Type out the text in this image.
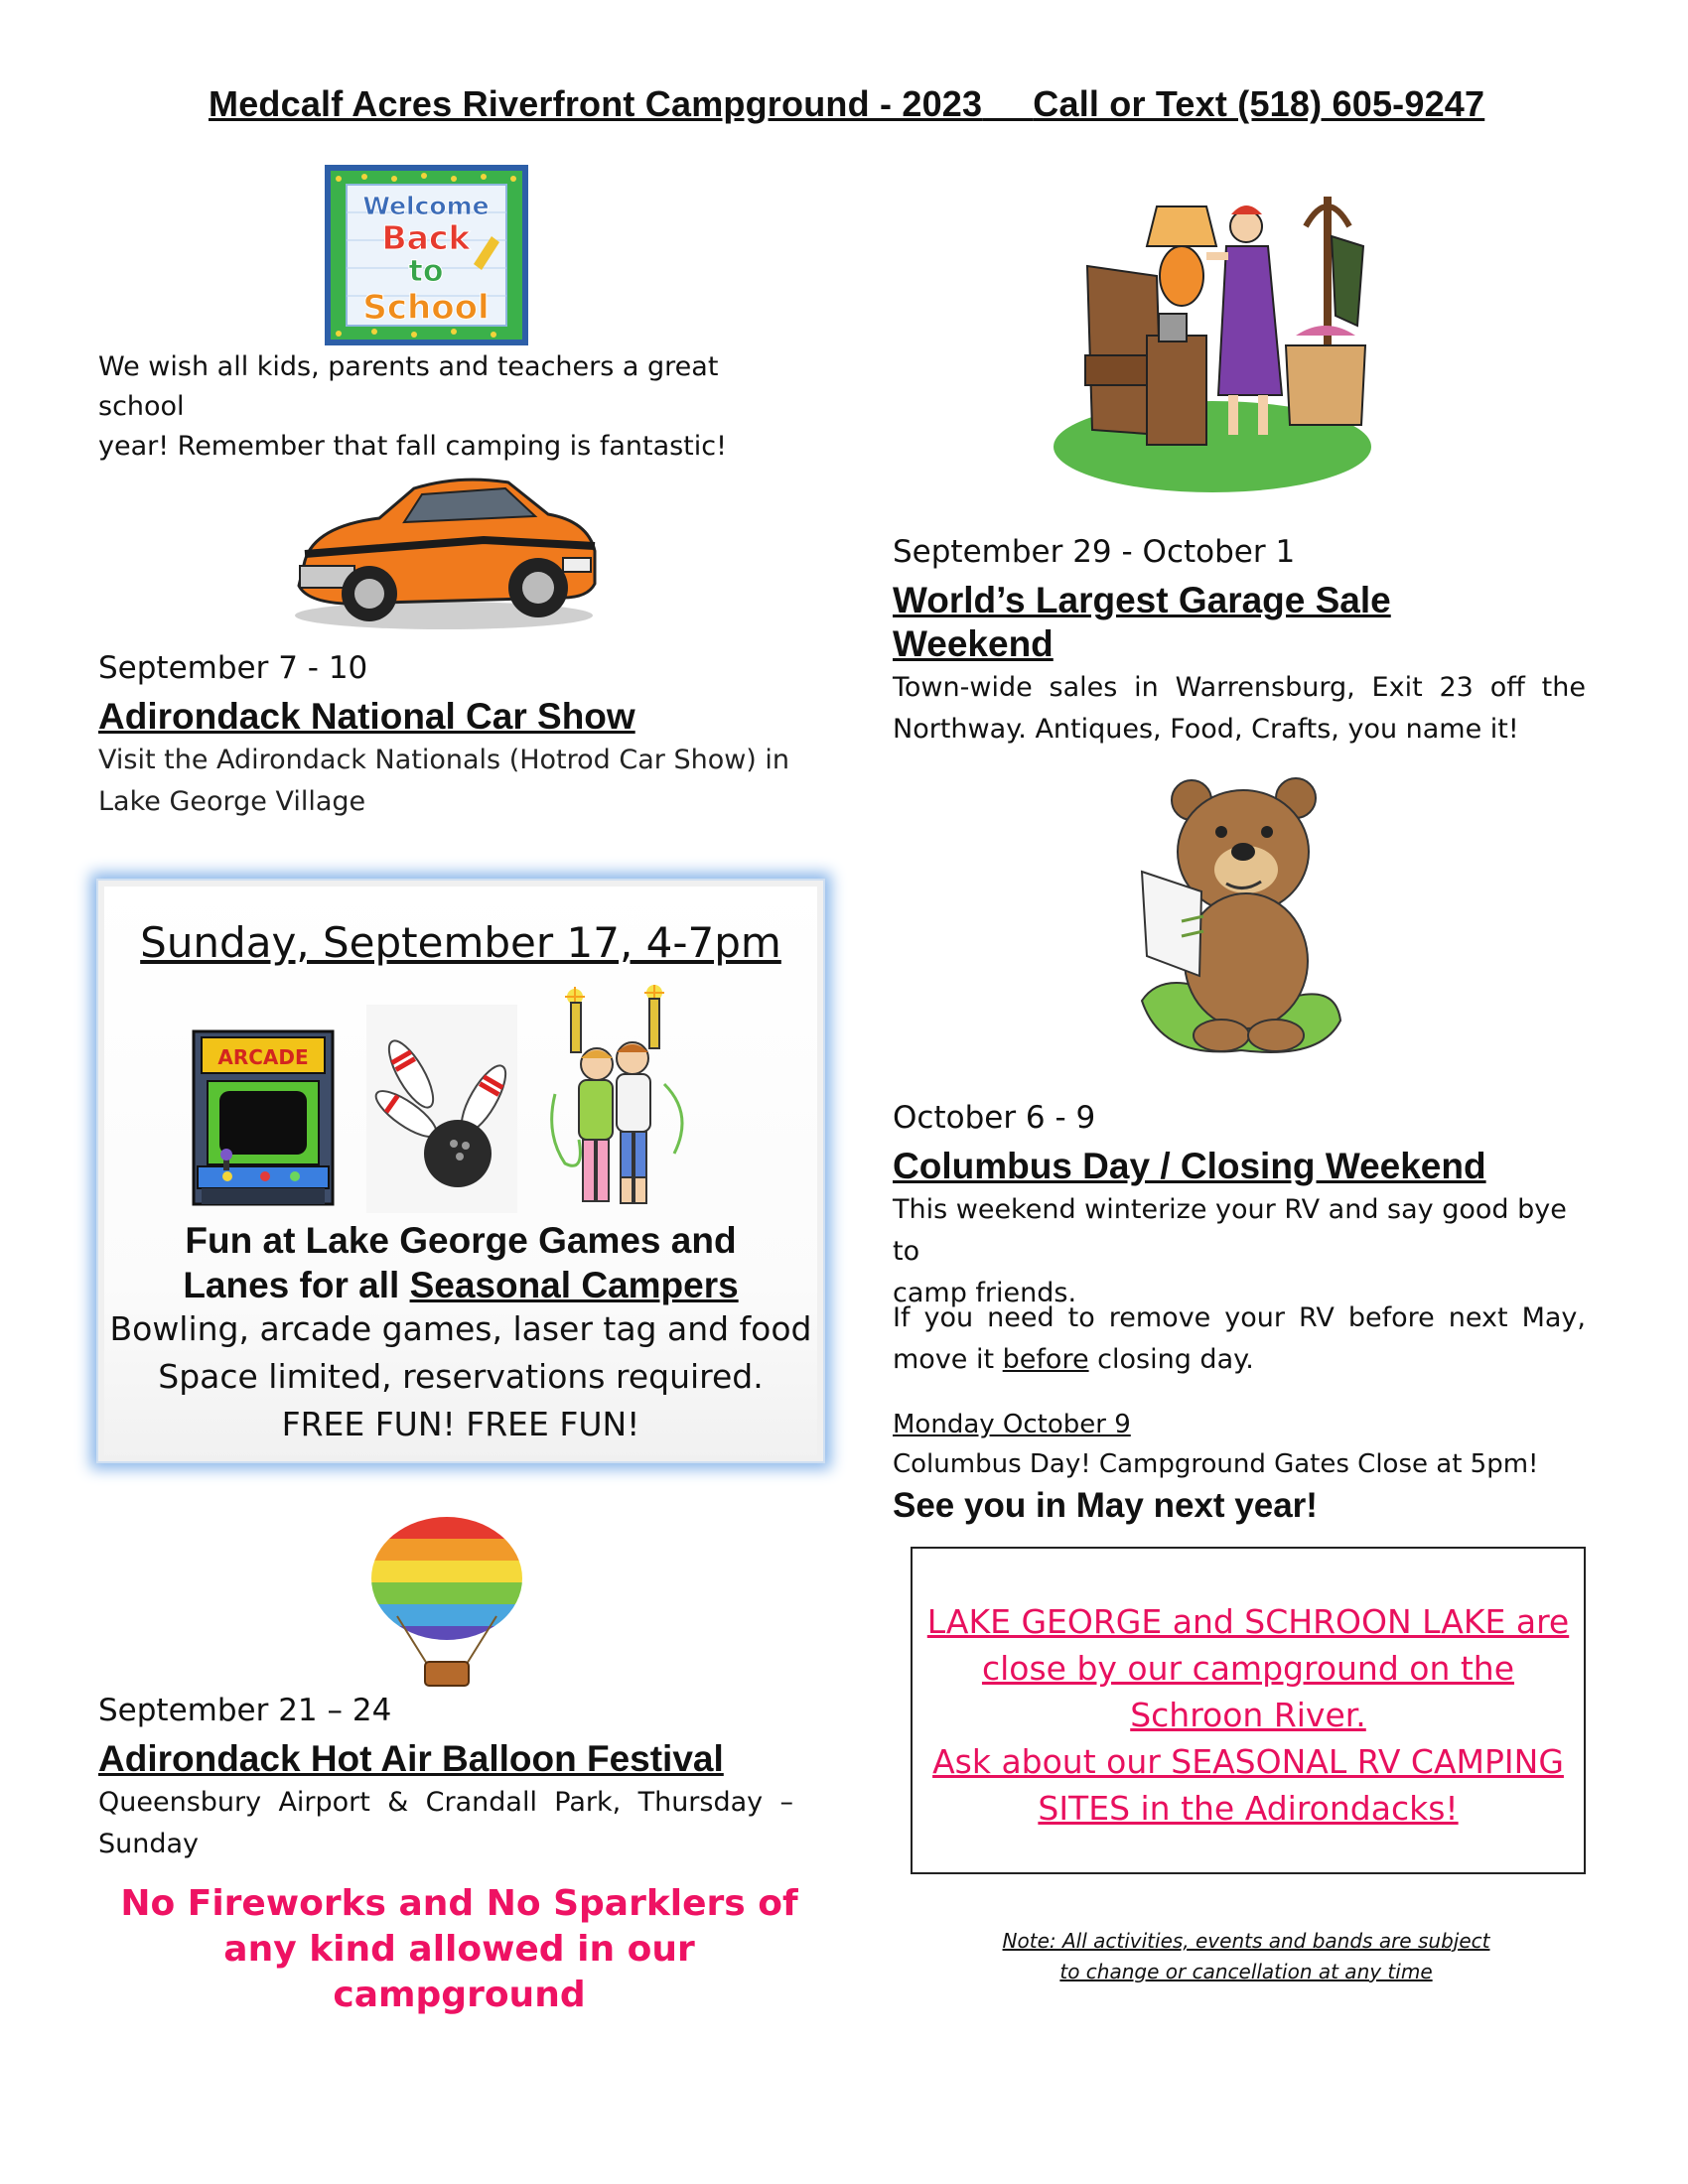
Medcalf Acres Riverfront Campground - 2023 Call or Text (518) 605-9247
Welcome
Back
to
School
We wish all kids, parents and teachers a great school
year! Remember that fall camping is fantastic!
September 7 - 10
Adirondack National Car Show
Visit the Adirondack Nationals (Hotrod Car Show) in
Lake George Village
Sunday, September 17, 4-7pm
ARCADE
Fun at Lake George Games and
Lanes for all Seasonal Campers
Bowling, arcade games, laser tag and food
Space limited, reservations required.
FREE FUN! FREE FUN!
September 21 – 24
Adirondack Hot Air Balloon Festival
Queensbury Airport & Crandall Park, Thursday –
Sunday
No Fireworks and No Sparklers of
any kind allowed in our campground
September 29 - October 1
World’s Largest Garage Sale
Weekend
Town-wide sales in Warrensburg, Exit 23 off the
Northway. Antiques, Food, Crafts, you name it!
October 6 - 9
Columbus Day / Closing Weekend
This weekend winterize your RV and say good bye to
camp friends.
If you need to remove your RV before next May,
move it before closing day.
Monday October 9
Columbus Day! Campground Gates Close at 5pm!
See you in May next year!
LAKE GEORGE and SCHROON LAKE are
close by our campground on the
Schroon River.
Ask about our SEASONAL RV CAMPING
SITES in the Adirondacks!
Note: All activities, events and bands are subject
to change or cancellation at any time
